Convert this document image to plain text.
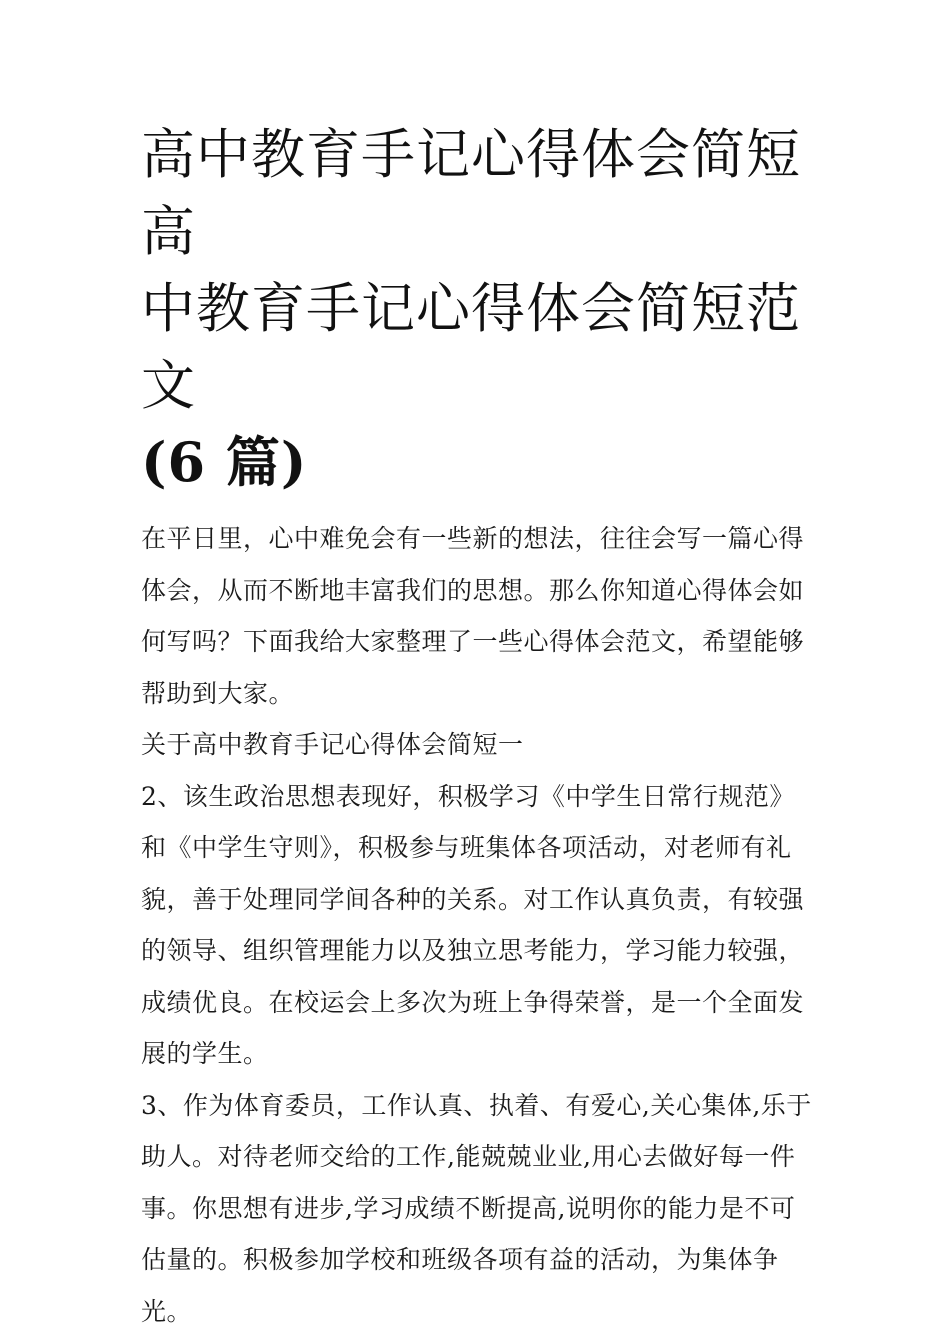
高中教育手记心得体会简短 高
中教育手记心得体会简短范文
(6 篇)

在平日里，心中难免会有一些新的想法，往往会写一篇心得体会，从而不断地丰富我们的思想。那么你知道心得体会如何写吗？下面我给大家整理了一些心得体会范文，希望能够帮助到大家。

关于高中教育手记心得体会简短一

2、该生政治思想表现好，积极学习《中学生日常行规范》和《中学生守则》，积极参与班集体各项活动，对老师有礼貌，善于处理同学间各种的关系。对工作认真负责，有较强的领导、组织管理能力以及独立思考能力，学习能力较强，成绩优良。在校运会上多次为班上争得荣誉，是一个全面发展的学生。

3、作为体育委员，工作认真、执着、有爱心,关心集体,乐于助人。对待老师交给的工作,能兢兢业业,用心去做好每一件事。你思想有进步,学习成绩不断提高,说明你的能力是不可估量的。积极参加学校和班级各项有益的活动，为集体争光。
